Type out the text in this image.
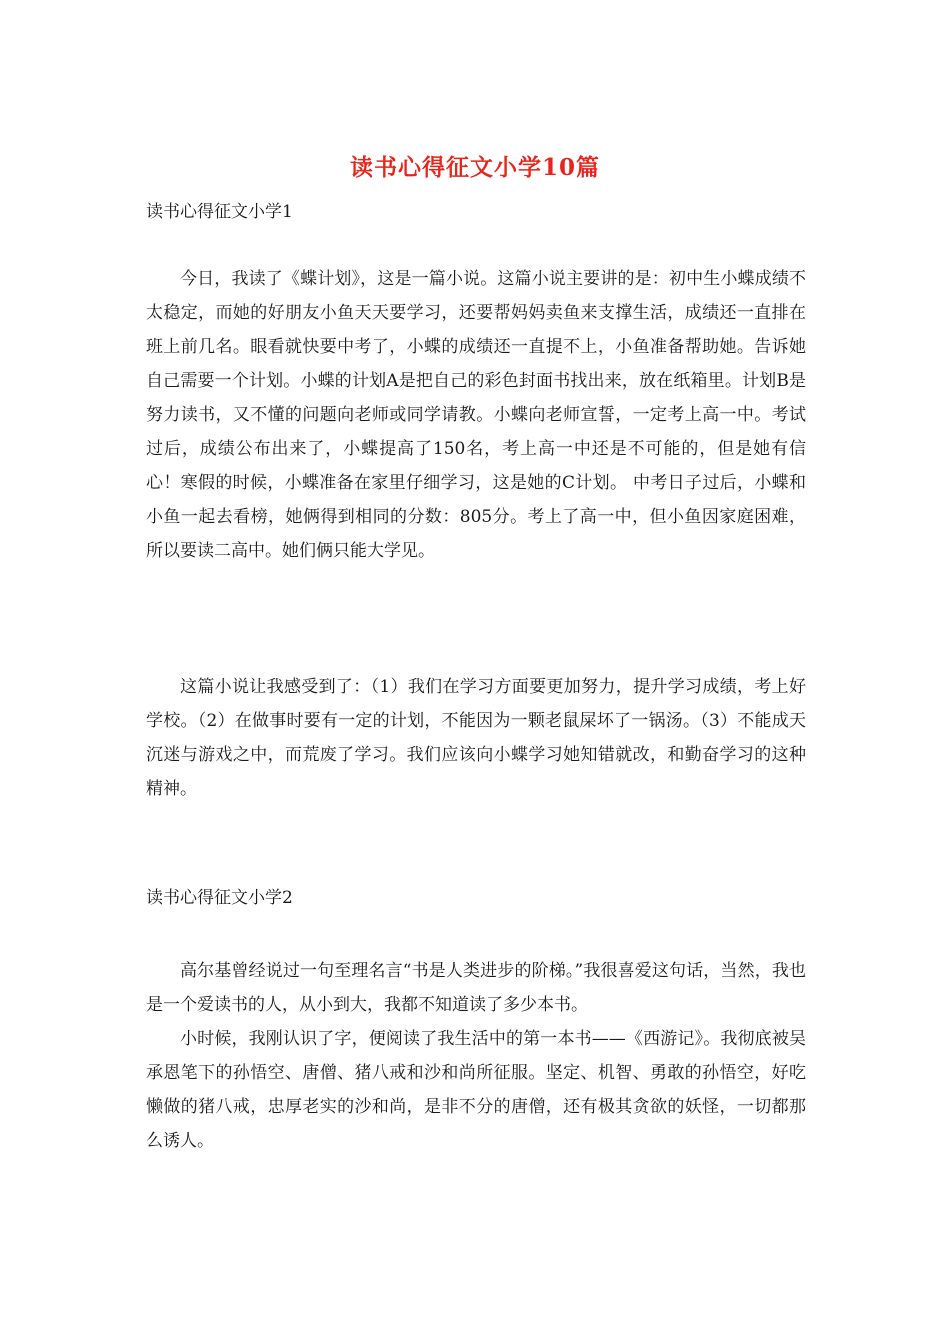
读书心得征文小学10篇
读书心得征文小学1
今日，我读了《蝶计划》，这是一篇小说。这篇小说主要讲的是：初中生小蝶成绩不太稳定，而她的好朋友小鱼天天要学习，还要帮妈妈卖鱼来支撑生活，成绩还一直排在班上前几名。眼看就快要中考了，小蝶的成绩还一直提不上，小鱼准备帮助她。告诉她自己需要一个计划。小蝶的计划A是把自己的彩色封面书找出来，放在纸箱里。计划B是努力读书，又不懂的问题向老师或同学请教。小蝶向老师宣誓，一定考上高一中。考试过后，成绩公布出来了，小蝶提高了150名，考上高一中还是不可能的，但是她有信心！寒假的时候，小蝶准备在家里仔细学习，这是她的C计划。 中考日子过后，小蝶和小鱼一起去看榜，她俩得到相同的分数：805分。考上了高一中，但小鱼因家庭困难，所以要读二高中。她们俩只能大学见。
这篇小说让我感受到了：（1）我们在学习方面要更加努力，提升学习成绩，考上好学校。（2）在做事时要有一定的计划，不能因为一颗老鼠屎坏了一锅汤。（3）不能成天沉迷与游戏之中，而荒废了学习。我们应该向小蝶学习她知错就改，和勤奋学习的这种精神。
读书心得征文小学2
高尔基曾经说过一句至理名言“书是人类进步的阶梯。”我很喜爱这句话，当然，我也是一个爱读书的人，从小到大，我都不知道读了多少本书。
小时候，我刚认识了字，便阅读了我生活中的第一本书——《西游记》。我彻底被吴承恩笔下的孙悟空、唐僧、猪八戒和沙和尚所征服。坚定、机智、勇敢的孙悟空，好吃懒做的猪八戒，忠厚老实的沙和尚，是非不分的唐僧，还有极其贪欲的妖怪，一切都那么诱人。
